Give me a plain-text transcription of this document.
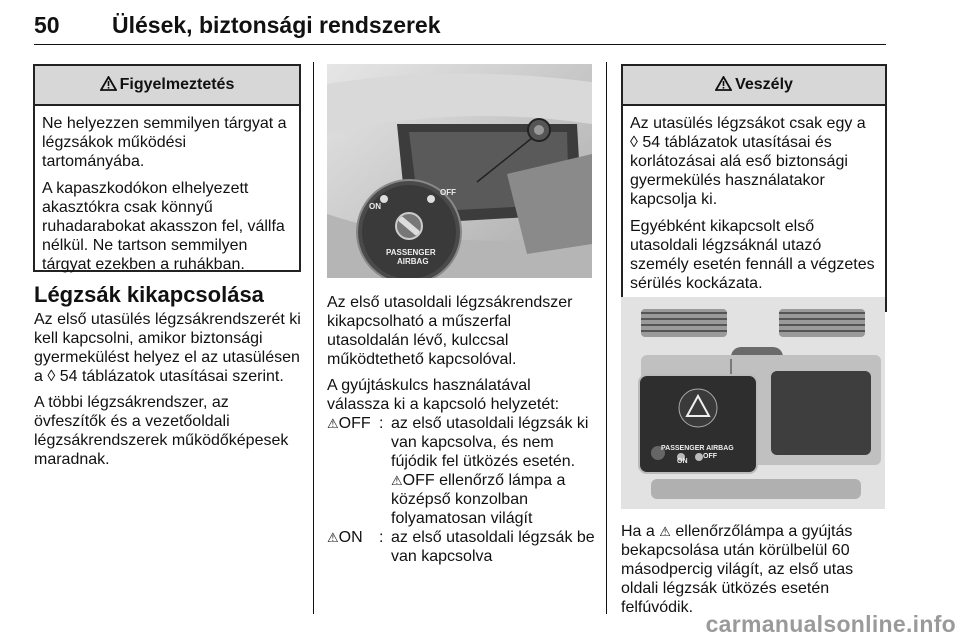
50 Ülések, biztonsági rendszerek
Figyelmeztetés

Ne helyezzen semmilyen tárgyat a légzsákok működési tartományába.

A kapaszkodókon elhelyezett akasztókra csak könnyű ruhadarabokat akasszon fel, vállfa nélkül. Ne tartson semmilyen tárgyat ezekben a ruhákban.

Légzsák kikapcsolása

Az első utasülés légzsákrendszerét ki kell kapcsolni, amikor biztonsági gyermekülést helyez el az utasülésen a ◊ 54 táblázatok utasításai szerint.

A többi légzsákrendszer, az övfeszítők és a vezetőoldali légzsákrendszerek működőképesek maradnak.

ON
OFF
PASSENGER
AIRBAG

Az első utasoldali légzsákrendszer kikapcsolható a műszerfal utasoldalán lévő, kulccsal működtethető kapcsolóval.

A gyújtáskulcs használatával válassza ki a kapcsoló helyzetét:

⚠︎OFF : az első utasoldali légzsák ki van kapcsolva, és nem fújódik fel ütközés esetén.

⚠︎OFF ellenőrző lámpa a középső konzolban folyamatosan világít

⚠︎ON	: az első utasoldali légzsák be van kapcsolva
Veszély

Az utasülés légzsákot csak egy a ◊ 54 táblázatok utasításai és korlátozásai alá eső biztonsági gyermekülés használatakor kapcsolja ki.

Egyébként kikapcsolt első utasoldali légzsáknál utazó személy esetén fennáll a végzetes sérülés kockázata.

PASSENGER AIRBAG
OFF
ON

Ha a ⚠︎ ellenőrzőlámpa a gyújtás bekapcsolása után körülbelül 60 másodpercig világít, az első utas oldali légzsák ütközés esetén felfúvódik.

carmanualsonline.info
